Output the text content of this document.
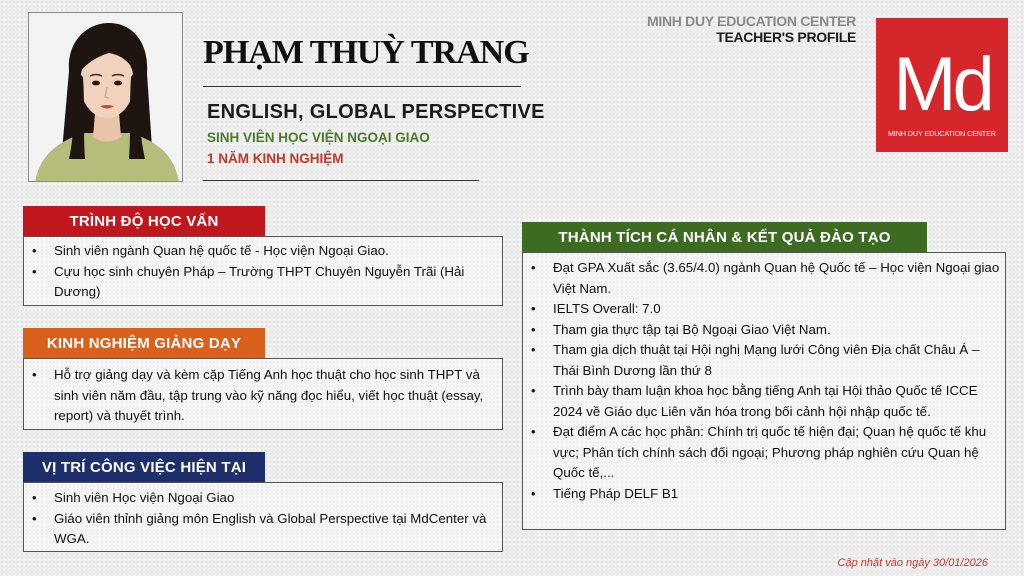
PHẠM THUỲ TRANG
ENGLISH, GLOBAL PERSPECTIVE
SINH VIÊN HỌC VIỆN NGOẠI GIAO
1 NĂM KINH NGHIỆM
MINH DUY EDUCATION CENTER
TEACHER'S PROFILE
Md
MINH DUY EDUCATION CENTER
TRÌNH ĐỘ HỌC VẤN
• Sinh viên ngành Quan hệ quốc tế - Học viện Ngoại Giao.
• Cựu học sinh chuyên Pháp – Trường THPT Chuyên Nguyễn Trãi (Hải Dương)
KINH NGHIỆM GIẢNG DẠY
• Hỗ trợ giảng dạy và kèm cặp Tiếng Anh học thuật cho học sinh THPT và sinh viên năm đầu, tập trung vào kỹ năng đọc hiểu, viết học thuật (essay, report) và thuyết trình.
VỊ TRÍ CÔNG VIỆC HIỆN TẠI
• Sinh viên Học viện Ngoại Giao
• Giáo viên thỉnh giảng môn English và Global Perspective tại MdCenter và WGA.
THÀNH TÍCH CÁ NHÂN & KẾT QUẢ ĐÀO TẠO
• Đạt GPA Xuất sắc (3.65/4.0) ngành Quan hệ Quốc tế – Học viện Ngoại giao Việt Nam.
• IELTS Overall: 7.0
• Tham gia thực tập tại Bộ Ngoại Giao Việt Nam.
• Tham gia dịch thuật tại Hội nghị Mạng lưới Công viên Địa chất Châu Á – Thái Bình Dương lần thứ 8
• Trình bày tham luận khoa học bằng tiếng Anh tại Hội thảo Quốc tế ICCE 2024 về Giáo dục Liên văn hóa trong bối cảnh hội nhập quốc tế.
• Đạt điểm A các học phần: Chính trị quốc tế hiện đại; Quan hệ quốc tế khu vực; Phân tích chính sách đối ngoại; Phương pháp nghiên cứu Quan hệ Quốc tế,...
• Tiếng Pháp DELF B1
Cập nhật vào ngày 30/01/2026
